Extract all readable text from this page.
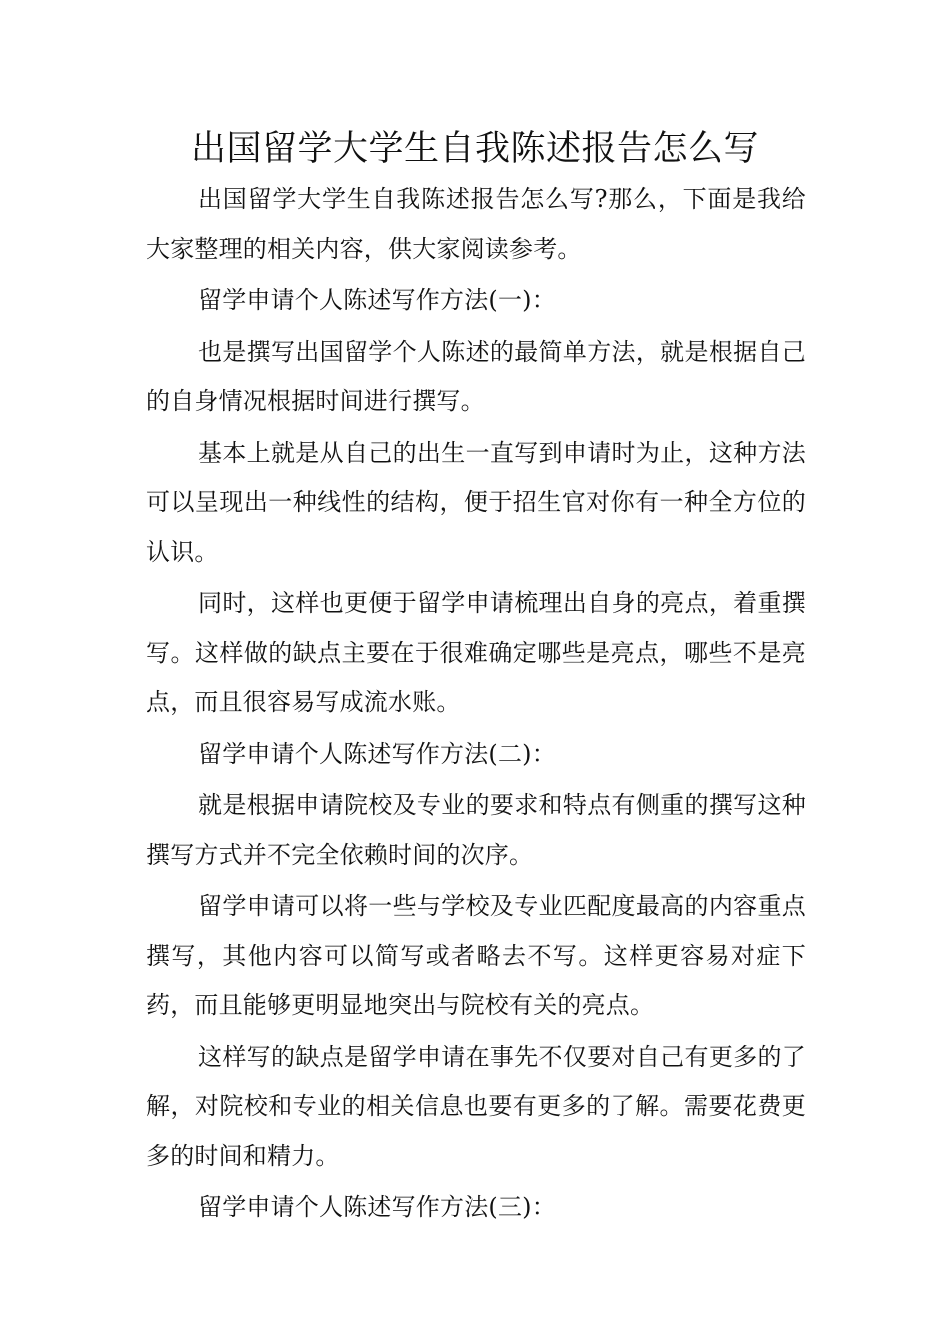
出国留学大学生自我陈述报告怎么写

出国留学大学生自我陈述报告怎么写?那么，下面是我给大家整理的相关内容，供大家阅读参考。

留学申请个人陈述写作方法(一)：

也是撰写出国留学个人陈述的最简单方法，就是根据自己的自身情况根据时间进行撰写。

基本上就是从自己的出生一直写到申请时为止，这种方法可以呈现出一种线性的结构，便于招生官对你有一种全方位的认识。

同时，这样也更便于留学申请梳理出自身的亮点，着重撰写。这样做的缺点主要在于很难确定哪些是亮点，哪些不是亮点，而且很容易写成流水账。

留学申请个人陈述写作方法(二)：

就是根据申请院校及专业的要求和特点有侧重的撰写这种撰写方式并不完全依赖时间的次序。

留学申请可以将一些与学校及专业匹配度最高的内容重点撰写，其他内容可以简写或者略去不写。这样更容易对症下药，而且能够更明显地突出与院校有关的亮点。

这样写的缺点是留学申请在事先不仅要对自己有更多的了解，对院校和专业的相关信息也要有更多的了解。需要花费更多的时间和精力。

留学申请个人陈述写作方法(三)：
